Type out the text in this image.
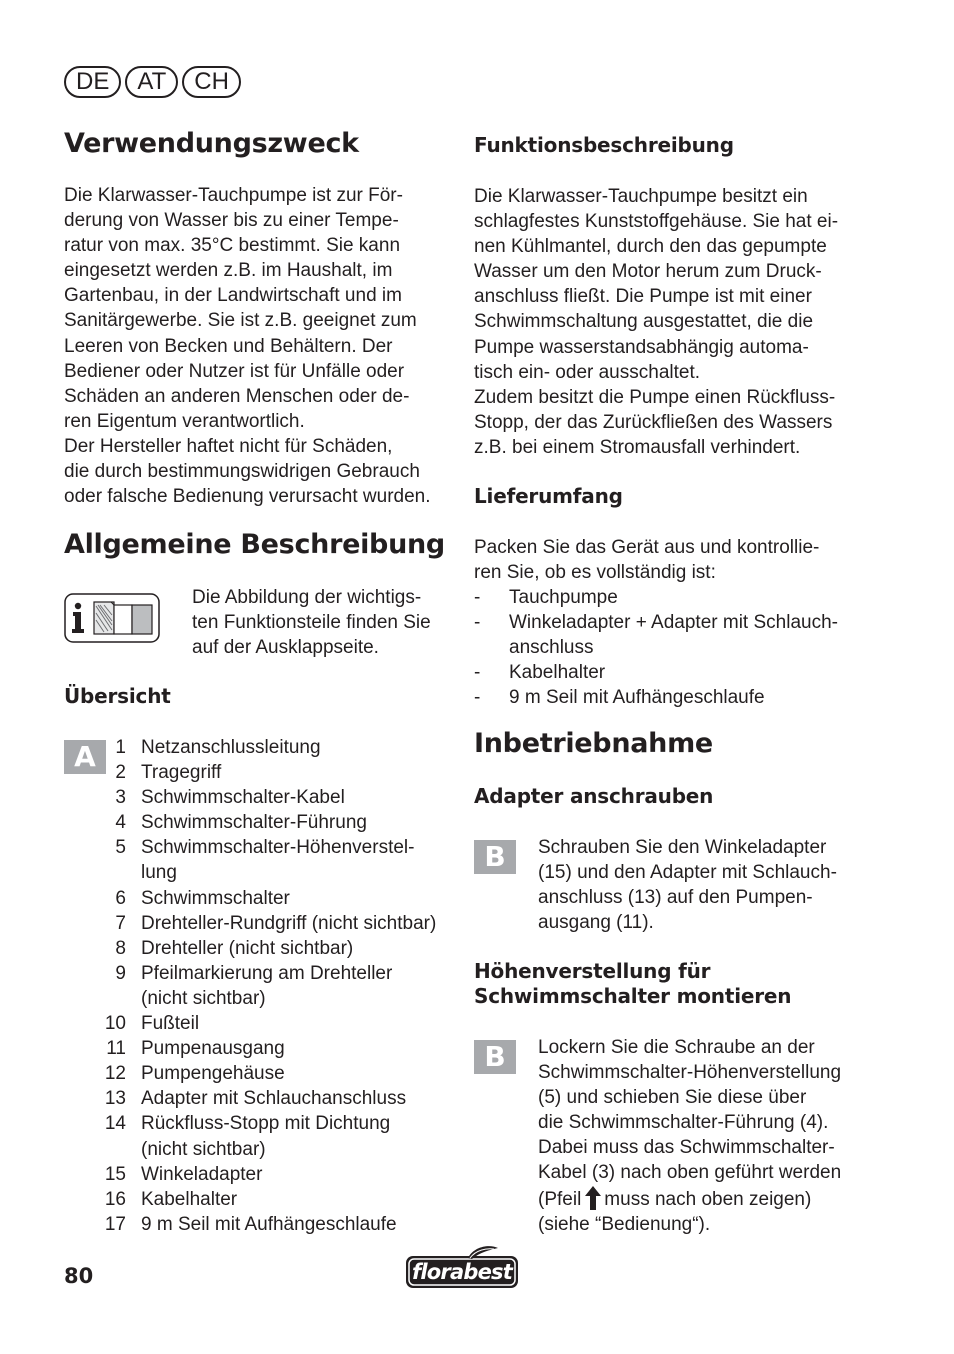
DE AT CH
Verwendungszweck

Die Klarwasser-Tauchpumpe ist zur För-

derung von Wasser bis zu einer Tempe-

ratur von max. 35°C bestimmt. Sie kann

eingesetzt werden z.B. im Haushalt, im

Gartenbau, in der Landwirtschaft und im

Sanitärgewerbe. Sie ist z.B. geeignet zum

Leeren von Becken und Behältern. Der

Bediener oder Nutzer ist für Unfälle oder

Schäden an anderen Menschen oder de-

ren Eigentum verantwortlich.

Der Hersteller haftet nicht für Schäden,

die durch bestimmungswidrigen Gebrauch

oder falsche Bedienung verursacht wurden.

Allgemeine Beschreibung

Die Abbildung der wichtigs-

ten Funktionsteile finden Sie

auf der Ausklappseite.

Übersicht
A	1 Netzanschlussleitung
2 Tragegriff
3 Schwimmschalter-Kabel
4 Schwimmschalter-Führung
5 Schwimmschalter-Höhenverstel-
lung
6 Schwimmschalter
7 Drehteller-Rundgriff (nicht sichtbar)
8 Drehteller (nicht sichtbar)
9 Pfeilmarkierung am Drehteller
(nicht sichtbar)
10 Fußteil
11 Pumpenausgang
12 Pumpengehäuse
13 Adapter mit Schlauchanschluss
14 Rückfluss-Stopp mit Dichtung
(nicht sichtbar)
15 Winkeladapter
16 Kabelhalter
17 9 m Seil mit Aufhängeschlaufe
Funktionsbeschreibung

Die Klarwasser-Tauchpumpe besitzt ein

schlagfestes Kunststoffgehäuse. Sie hat ei-

nen Kühlmantel, durch den das gepumpte

Wasser um den Motor herum zum Druck-

anschluss fließt. Die Pumpe ist mit einer

Schwimmschaltung ausgestattet, die die

Pumpe wasserstandsabhängig automa-

tisch ein- oder ausschaltet.

Zudem besitzt die Pumpe einen Rückfluss-

Stopp, der das Zurückfließen des Wassers

z.B. bei einem Stromausfall verhindert.

Lieferumfang

Packen Sie das Gerät aus und kontrollie-

ren Sie, ob es vollständig ist:

-	Tauchpumpe
-	Winkeladapter + Adapter mit Schlauch-
anschluss
-	Kabelhalter
-	9 m Seil mit Aufhängeschlaufe
Inbetriebnahme
Adapter anschrauben
B	Schrauben Sie den Winkeladapter

(15) und den Adapter mit Schlauch-

anschluss (13) auf den Pumpen-

ausgang (11).

Höhenverstellung für
Schwimmschalter montieren
B	Lockern Sie die Schraube an der

Schwimmschalter-Höhenverstellung

(5) und schieben Sie diese über

die Schwimmschalter-Führung (4).

Dabei muss das Schwimmschalter-

Kabel (3) nach oben geführt werden

(Pfeil muss nach oben zeigen)

(siehe “Bedienung“).

80	florabest
